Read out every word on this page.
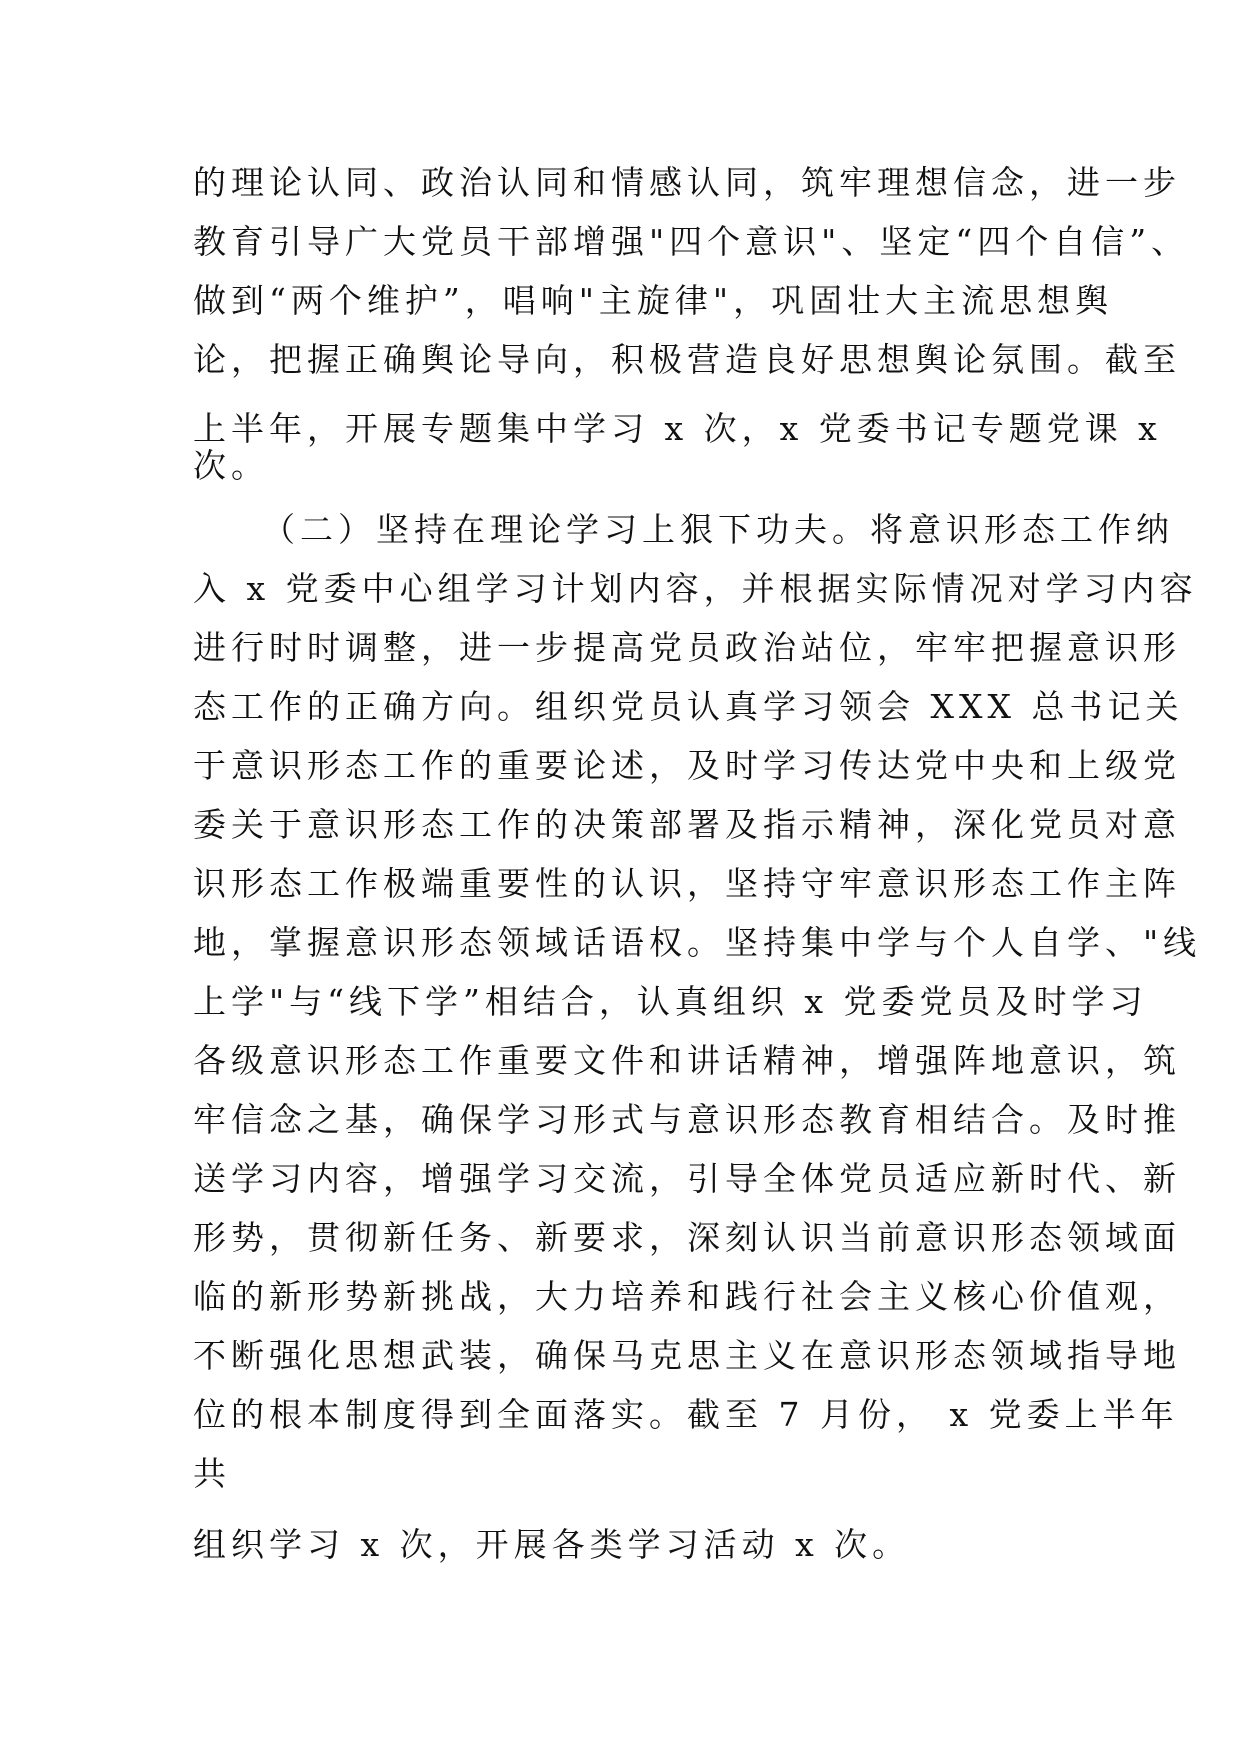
的理论认同、政治认同和情感认同，筑牢理想信念，进一步
教育引导广大党员干部增强"四个意识"、坚定“四个自信”、
做到“两个维护”，唱响"主旋律"，巩固壮大主流思想舆
论，把握正确舆论导向，积极营造良好思想舆论氛围。截至
上半年，开展专题集中学习 x 次，x 党委书记专题党课 x
次。
（二）坚持在理论学习上狠下功夫。将意识形态工作纳
入 x 党委中心组学习计划内容，并根据实际情况对学习内容
进行时时调整，进一步提高党员政治站位，牢牢把握意识形
态工作的正确方向。组织党员认真学习领会 XXX 总书记关
于意识形态工作的重要论述，及时学习传达党中央和上级党
委关于意识形态工作的决策部署及指示精神，深化党员对意
识形态工作极端重要性的认识，坚持守牢意识形态工作主阵
地，掌握意识形态领域话语权。坚持集中学与个人自学、"线
上学"与“线下学”相结合，认真组织 x 党委党员及时学习
各级意识形态工作重要文件和讲话精神，增强阵地意识，筑
牢信念之基，确保学习形式与意识形态教育相结合。及时推
送学习内容，增强学习交流，引导全体党员适应新时代、新
形势，贯彻新任务、新要求，深刻认识当前意识形态领域面
临的新形势新挑战，大力培养和践行社会主义核心价值观，
不断强化思想武装，确保马克思主义在意识形态领域指导地
位的根本制度得到全面落实。截至 7 月份， x 党委上半年
共
组织学习 x 次，开展各类学习活动 x 次。
